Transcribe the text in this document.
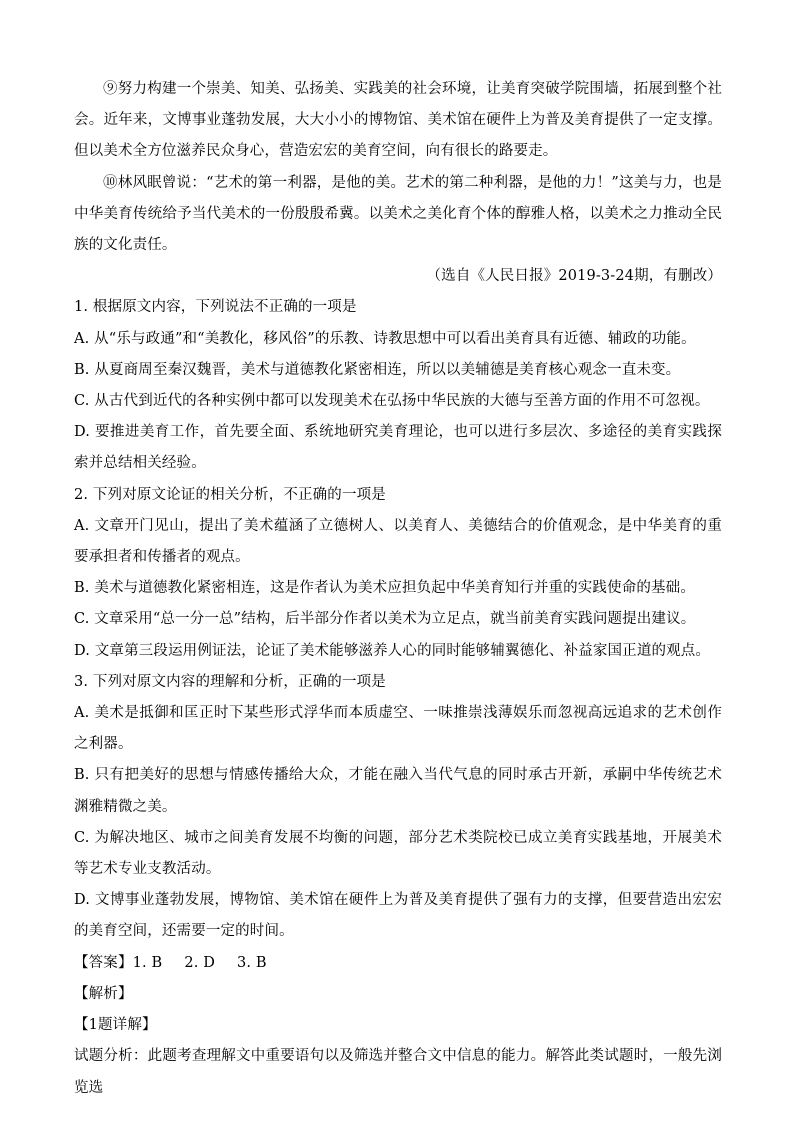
⑨努力构建一个崇美、知美、弘扬美、实践美的社会环境，让美育突破学院围墙，拓展到整个社会。近年来，文博事业蓬勃发展，大大小小的博物馆、美术馆在硬件上为普及美育提供了一定支撑。但以美术全方位滋养民众身心，营造宏宏的美育空间，向有很长的路要走。

⑩林风眠曾说：“艺术的第一利器，是他的美。艺术的第二种利器，是他的力！”这美与力，也是中华美育传统给予当代美术的一份殷殷希冀。以美术之美化育个体的醇雅人格，以美术之力推动全民族的文化责任。

（选自《人民日报》2019-3-24期，有删改）

1. 根据原文内容，下列说法不正确的一项是

A. 从“乐与政通”和“美教化，移风俗”的乐教、诗教思想中可以看出美育具有近德、辅政的功能。

B. 从夏商周至秦汉魏晋，美术与道德教化紧密相连，所以以美辅德是美育核心观念一直未变。

C. 从古代到近代的各种实例中都可以发现美术在弘扬中华民族的大德与至善方面的作用不可忽视。

D. 要推进美育工作，首先要全面、系统地研究美育理论，也可以进行多层次、多途径的美育实践探索并总结相关经验。

2. 下列对原文论证的相关分析，不正确的一项是

A. 文章开门见山，提出了美术蕴涵了立德树人、以美育人、美德结合的价值观念，是中华美育的重要承担者和传播者的观点。

B. 美术与道德教化紧密相连，这是作者认为美术应担负起中华美育知行并重的实践使命的基础。

C. 文章采用“总一分一总”结构，后半部分作者以美术为立足点，就当前美育实践问题提出建议。

D. 文章第三段运用例证法，论证了美术能够滋养人心的同时能够辅翼德化、补益家国正道的观点。

3. 下列对原文内容的理解和分析，正确的一项是

A. 美术是抵御和匡正时下某些形式浮华而本质虚空、一味推崇浅薄娱乐而忽视高远追求的艺术创作之利器。

B. 只有把美好的思想与情感传播给大众，才能在融入当代气息的同时承古开新，承嗣中华传统艺术渊雅精微之美。

C. 为解决地区、城市之间美育发展不均衡的问题，部分艺术类院校已成立美育实践基地，开展美术等艺术专业支教活动。

D. 文博事业蓬勃发展，博物馆、美术馆在硬件上为普及美育提供了强有力的支撑，但要营造出宏宏的美育空间，还需要一定的时间。

【答案】1. B 2. D 3. B

【解析】

【1题详解】

试题分析：此题考查理解文中重要语句以及筛选并整合文中信息的能力。解答此类试题时，一般先浏览选
